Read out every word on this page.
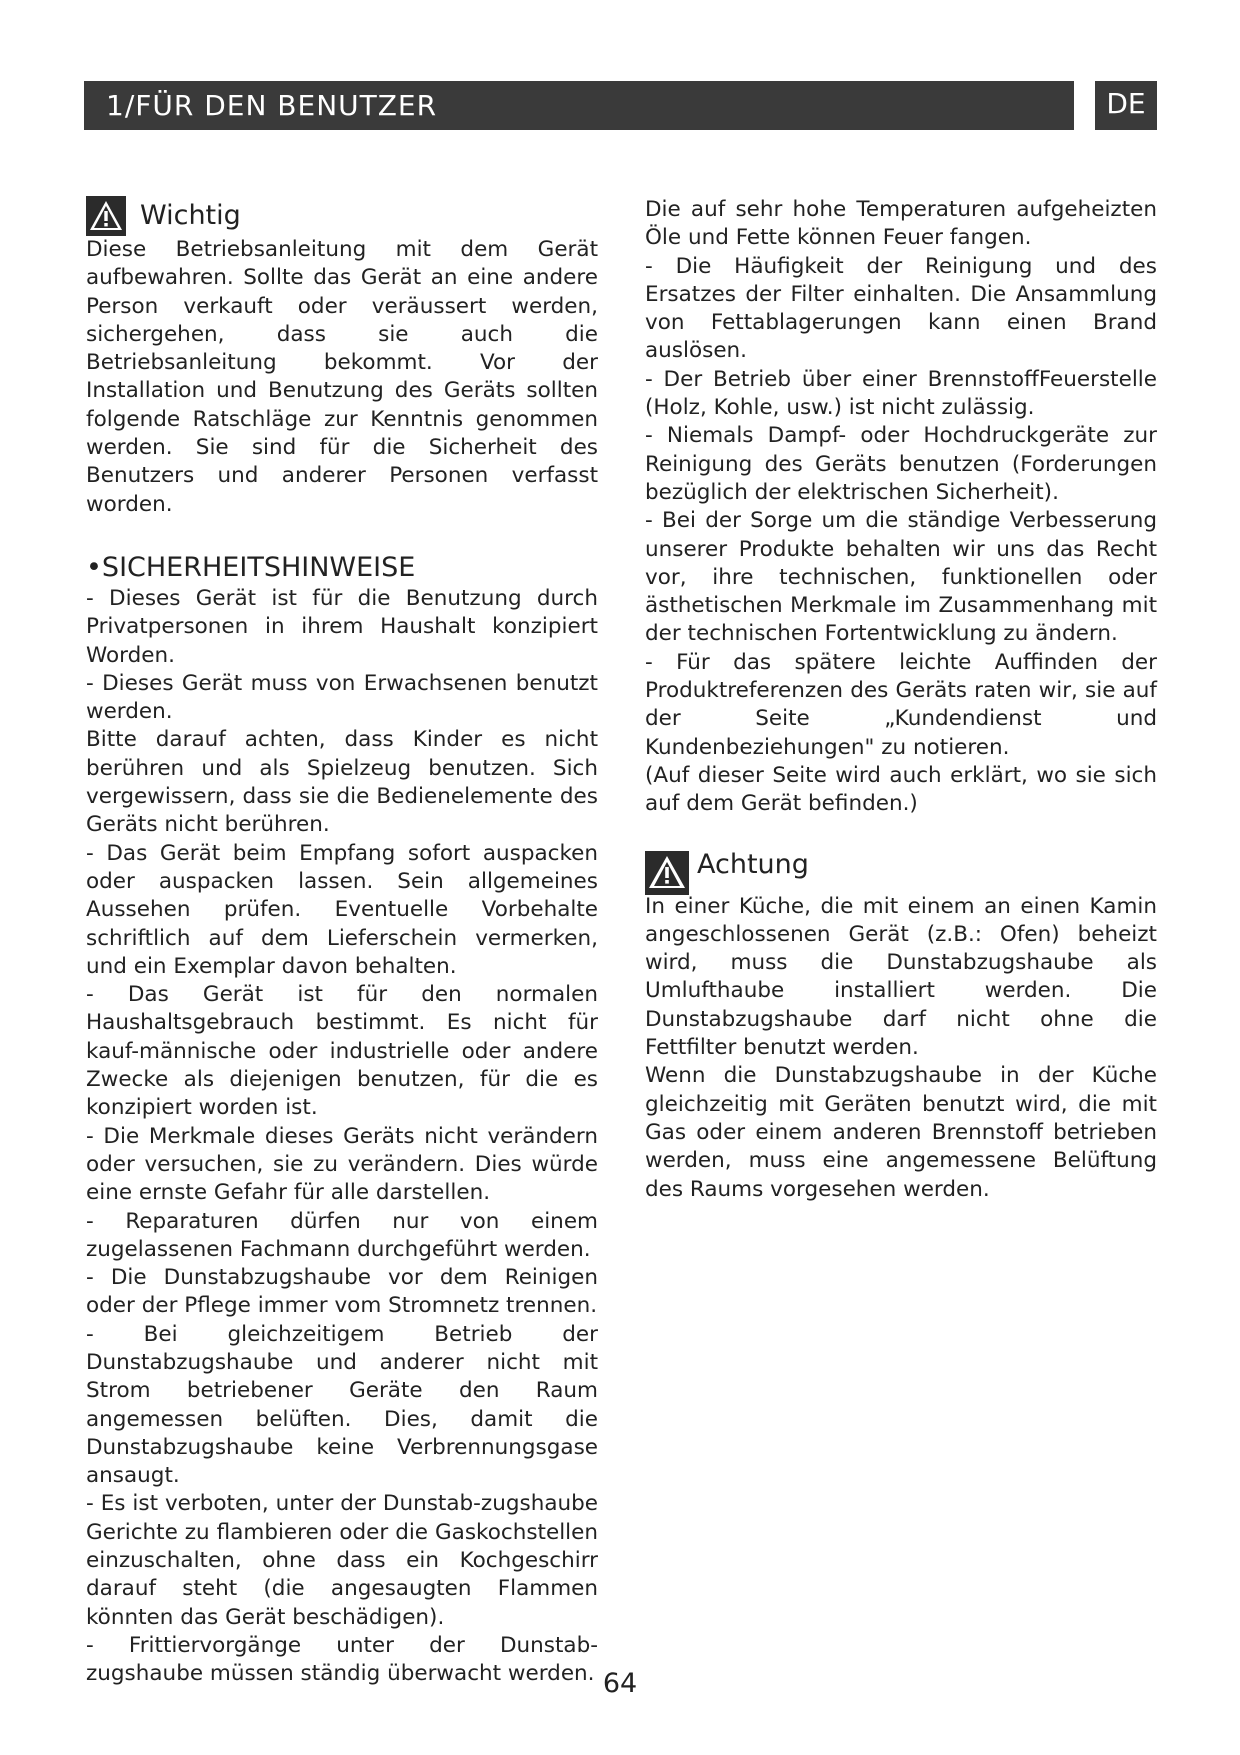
1/FÜR DEN BENUTZER	DE
Wichtig

Diese Betriebsanleitung mit dem Gerät aufbewahren. Sollte das Gerät an eine andere Person verkauft oder veräussert werden, sichergehen, dass sie auch die Betriebsanleitung bekommt. Vor der Installation und Benutzung des Geräts sollten folgende Ratschläge zur Kenntnis genommen werden. Sie sind für die Sicherheit des Benutzers und anderer Personen verfasst worden.

•SICHERHEITSHINWEISE

- Dieses Gerät ist für die Benutzung durch Privatpersonen in ihrem Haushalt konzipiert Worden.

- Dieses Gerät muss von Erwachsenen benutzt werden.

Bitte darauf achten, dass Kinder es nicht berühren und als Spielzeug benutzen. Sich vergewissern, dass sie die Bedienelemente des Geräts nicht berühren.

- Das Gerät beim Empfang sofort auspacken oder auspacken lassen. Sein allgemeines Aussehen prüfen. Eventuelle Vorbehalte schriftlich auf dem Lieferschein vermerken, und ein Exemplar davon behalten.

- Das Gerät ist für den normalen Haushaltsgebrauch bestimmt. Es nicht für kauf-männische oder industrielle oder andere Zwecke als diejenigen benutzen, für die es konzipiert worden ist.

- Die Merkmale dieses Geräts nicht verändern oder versuchen, sie zu verändern. Dies würde eine ernste Gefahr für alle darstellen.

- Reparaturen dürfen nur von einem zugelassenen Fachmann durchgeführt werden.

- Die Dunstabzugshaube vor dem Reinigen oder der Pflege immer vom Stromnetz trennen.

- Bei gleichzeitigem Betrieb der Dunstabzugshaube und anderer nicht mit Strom betriebener Geräte den Raum angemessen belüften. Dies, damit die Dunstabzugshaube keine Verbrennungsgase ansaugt.

- Es ist verboten, unter der Dunstab-zugshaube Gerichte zu flambieren oder die Gaskochstellen einzuschalten, ohne dass ein Kochgeschirr darauf steht (die angesaugten Flammen könnten das Gerät beschädigen).

- Frittiervorgänge unter der Dunstab-zugshaube müssen ständig überwacht werden.

Die auf sehr hohe Temperaturen aufgeheizten Öle und Fette können Feuer fangen.

- Die Häufigkeit der Reinigung und des Ersatzes der Filter einhalten. Die Ansammlung von Fettablagerungen kann einen Brand auslösen.

- Der Betrieb über einer BrennstoffFeuerstelle (Holz, Kohle, usw.) ist nicht zulässig.

- Niemals Dampf- oder Hochdruckgeräte zur Reinigung des Geräts benutzen (Forderungen bezüglich der elektrischen Sicherheit).

- Bei der Sorge um die ständige Verbesserung unserer Produkte behalten wir uns das Recht vor, ihre technischen, funktionellen oder ästhetischen Merkmale im Zusammenhang mit der technischen Fortentwicklung zu ändern.

- Für das spätere leichte Auffinden der Produktreferenzen des Geräts raten wir, sie auf der Seite „Kundendienst und Kundenbeziehungen" zu notieren.

(Auf dieser Seite wird auch erklärt, wo sie sich auf dem Gerät befinden.)

Achtung

In einer Küche, die mit einem an einen Kamin angeschlossenen Gerät (z.B.: Ofen) beheizt wird, muss die Dunstabzugshaube als Umlufthaube installiert werden. Die Dunstabzugshaube darf nicht ohne die Fettfilter benutzt werden.

Wenn die Dunstabzugshaube in der Küche gleichzeitig mit Geräten benutzt wird, die mit Gas oder einem anderen Brennstoff betrieben werden, muss eine angemessene Belüftung des Raums vorgesehen werden.

64
